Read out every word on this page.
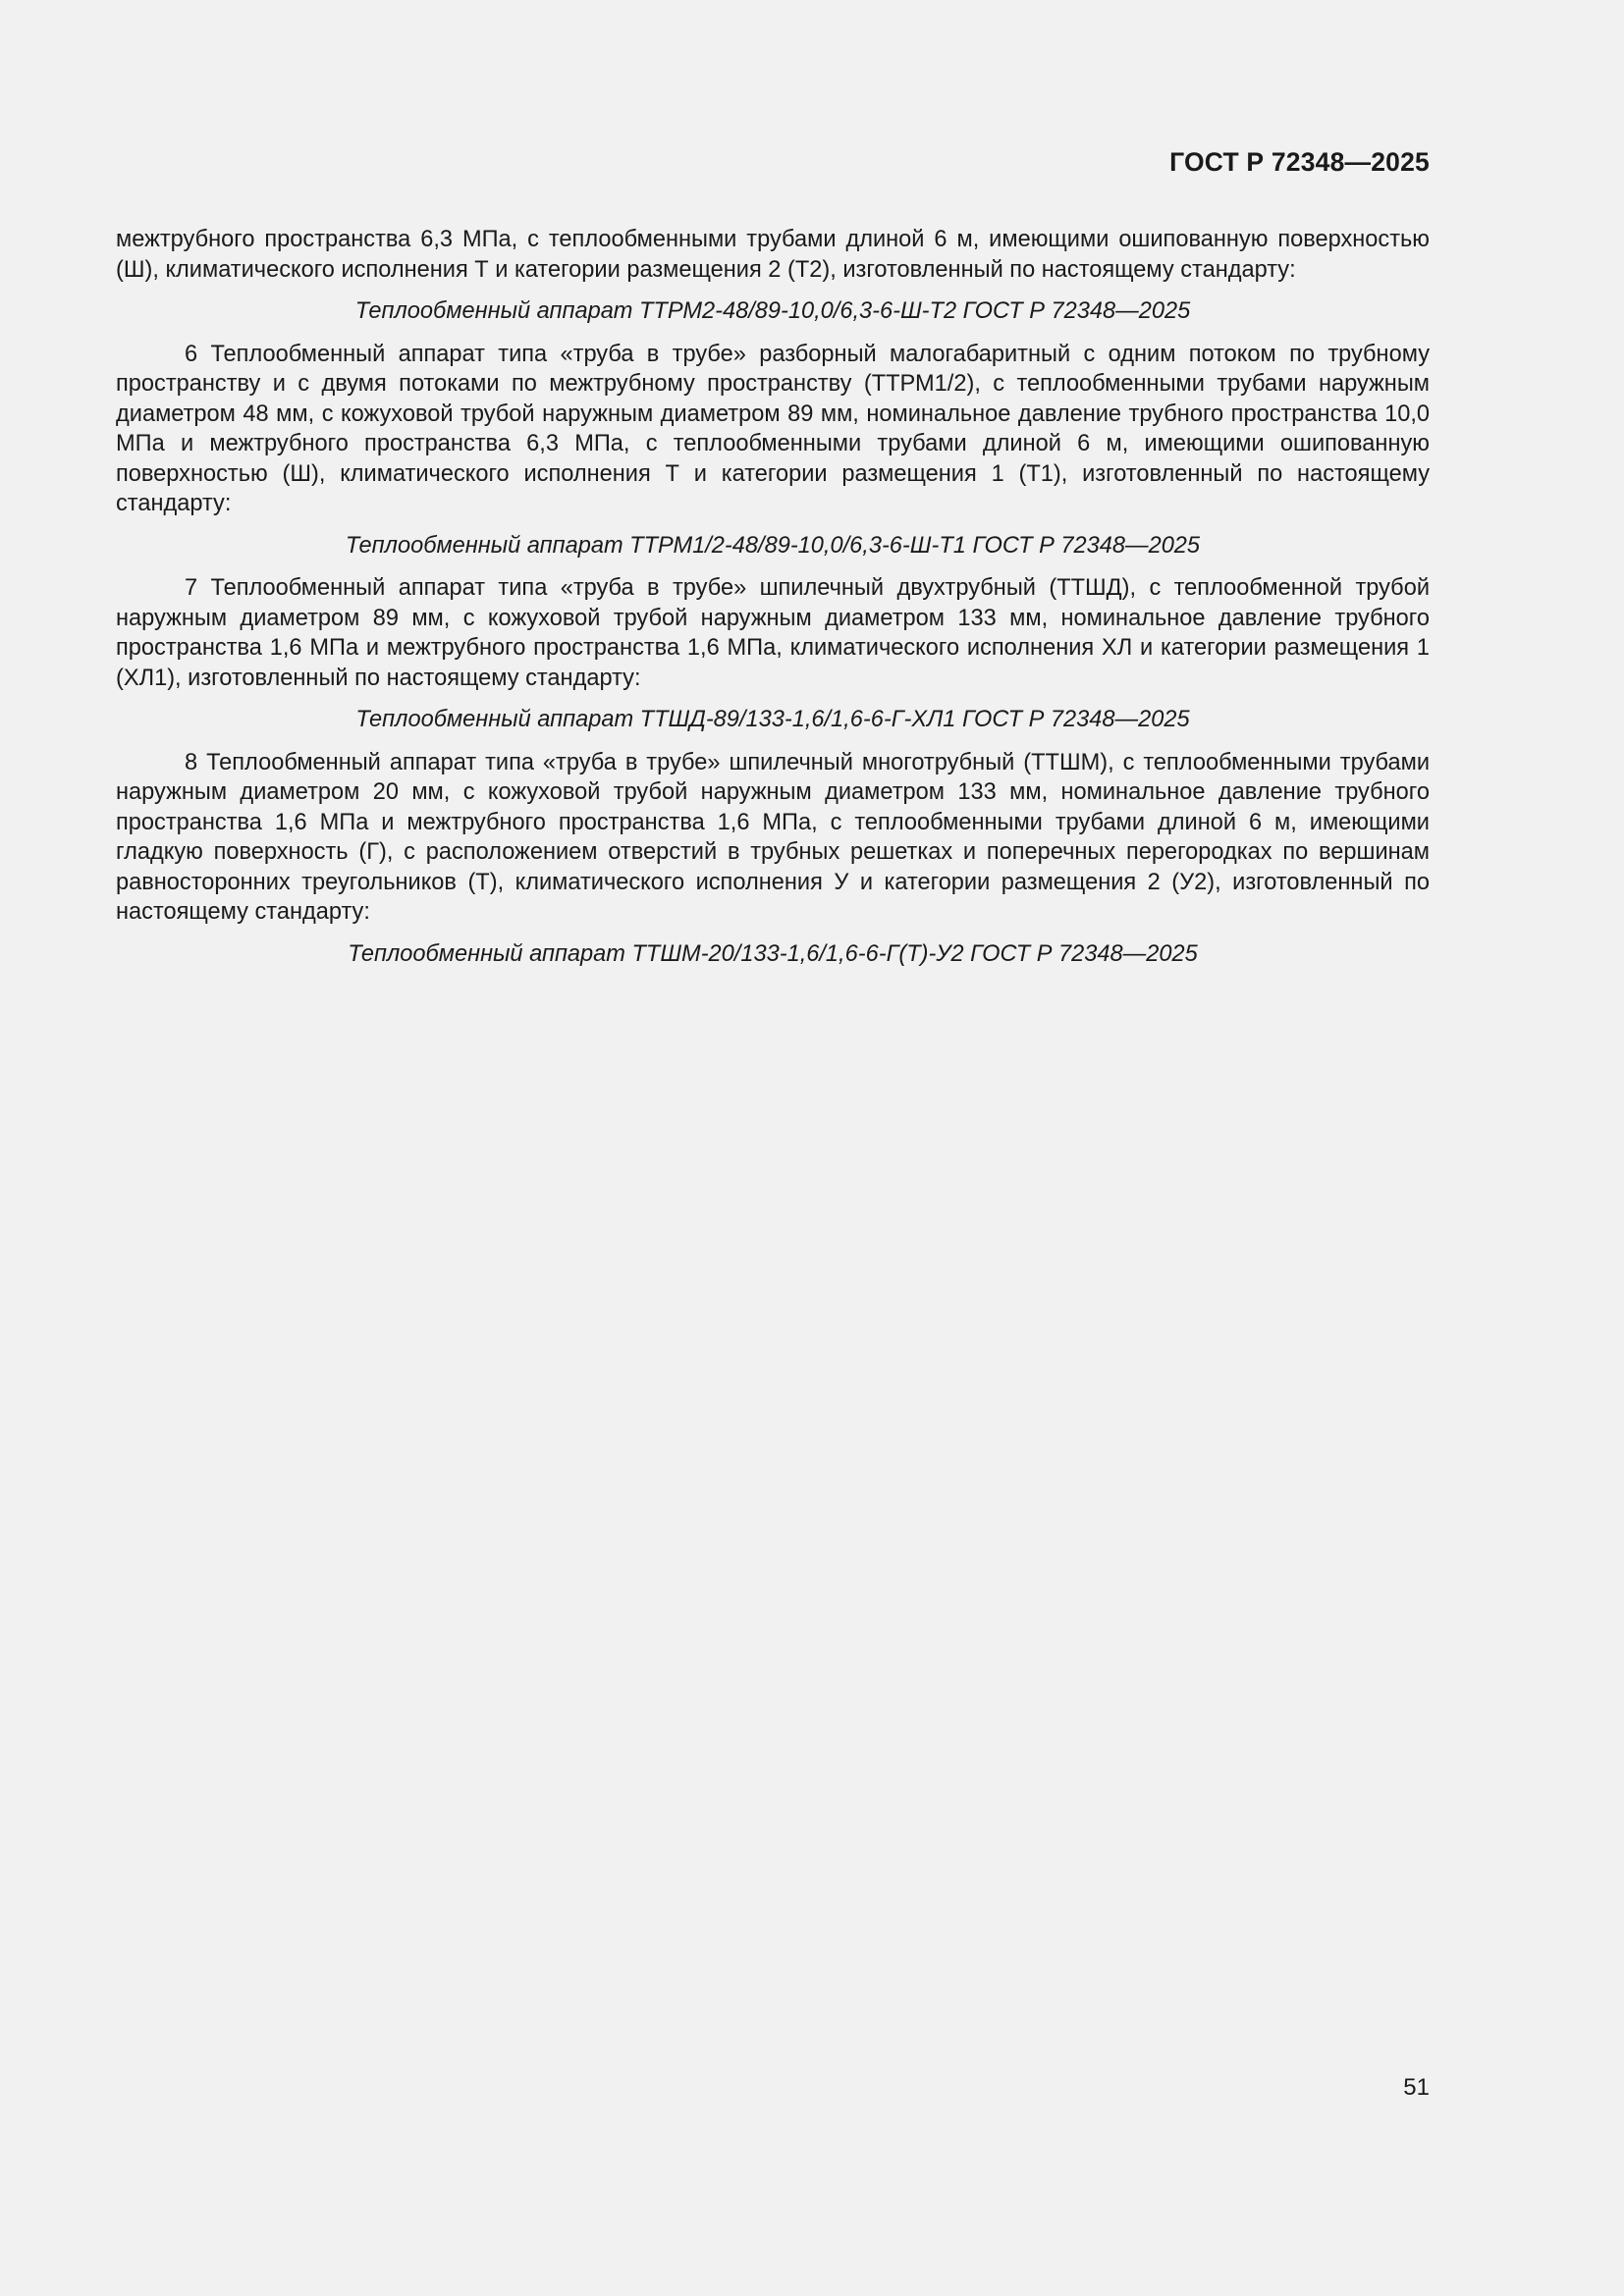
ГОСТ Р 72348—2025

межтрубного пространства 6,3 МПа, с теплообменными трубами длиной 6 м, имеющими ошипованную поверхностью (Ш), климатического исполнения Т и категории размещения 2 (Т2), изготовленный по настоящему стандарту:

Теплообменный аппарат ТТРМ2-48/89-10,0/6,3-6-Ш-Т2 ГОСТ Р 72348—2025

6 Теплообменный аппарат типа «труба в трубе» разборный малогабаритный с одним потоком по трубному пространству и с двумя потоками по межтрубному пространству (ТТРМ1/2), с теплообменными трубами наружным диаметром 48 мм, с кожуховой трубой наружным диаметром 89 мм, номинальное давление трубного пространства 10,0 МПа и межтрубного пространства 6,3 МПа, с теплообменными трубами длиной 6 м, имеющими ошипованную поверхностью (Ш), климатического исполнения Т и категории размещения 1 (Т1), изготовленный по настоящему стандарту:

Теплообменный аппарат ТТРМ1/2-48/89-10,0/6,3-6-Ш-Т1 ГОСТ Р 72348—2025

7 Теплообменный аппарат типа «труба в трубе» шпилечный двухтрубный (ТТШД), с теплообменной трубой наружным диаметром 89 мм, с кожуховой трубой наружным диаметром 133 мм, номинальное давление трубного пространства 1,6 МПа и межтрубного пространства 1,6 МПа, климатического исполнения ХЛ и категории размещения 1 (ХЛ1), изготовленный по настоящему стандарту:

Теплообменный аппарат ТТШД-89/133-1,6/1,6-6-Г-ХЛ1 ГОСТ Р 72348—2025

8 Теплообменный аппарат типа «труба в трубе» шпилечный многотрубный (ТТШМ), с теплообменными трубами наружным диаметром 20 мм, с кожуховой трубой наружным диаметром 133 мм, номинальное давление трубного пространства 1,6 МПа и межтрубного пространства 1,6 МПа, с теплообменными трубами длиной 6 м, имеющими гладкую поверхность (Г), с расположением отверстий в трубных решетках и поперечных перегородках по вершинам равносторонних треугольников (Т), климатического исполнения У и категории размещения 2 (У2), изготовленный по настоящему стандарту:

Теплообменный аппарат ТТШМ-20/133-1,6/1,6-6-Г(Т)-У2 ГОСТ Р 72348—2025

51
